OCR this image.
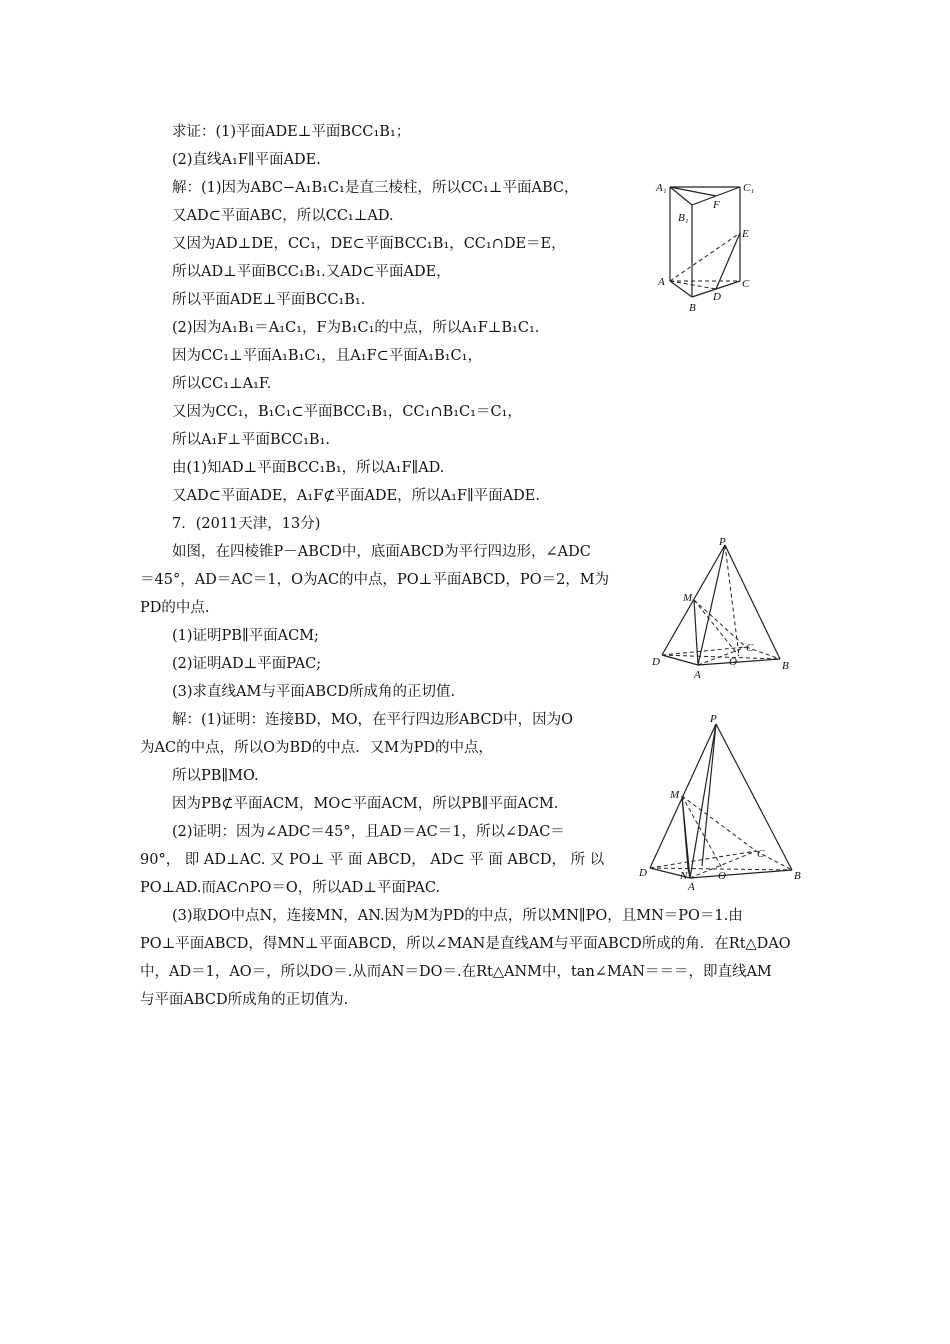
求证：(1)平面ADE⊥平面BCC₁B₁；
(2)直线A₁F∥平面ADE.
解：(1)因为ABC−A₁B₁C₁是直三棱柱，所以CC₁⊥平面ABC，
又AD⊂平面ABC，所以CC₁⊥AD.
又因为AD⊥DE，CC₁，DE⊂平面BCC₁B₁，CC₁∩DE＝E，
所以AD⊥平面BCC₁B₁.又AD⊂平面ADE，
所以平面ADE⊥平面BCC₁B₁.
(2)因为A₁B₁＝A₁C₁，F为B₁C₁的中点，所以A₁F⊥B₁C₁.
因为CC₁⊥平面A₁B₁C₁，且A₁F⊂平面A₁B₁C₁，
所以CC₁⊥A₁F.
又因为CC₁，B₁C₁⊂平面BCC₁B₁，CC₁∩B₁C₁＝C₁，
所以A₁F⊥平面BCC₁B₁.
由(1)知AD⊥平面BCC₁B₁，所以A₁F∥AD.
又AD⊂平面ADE，A₁F⊄平面ADE，所以A₁F∥平面ADE.
7．(2011天津，13分)
如图，在四棱锥P－ABCD中，底面ABCD为平行四边形，∠ADC
＝45°，AD＝AC＝1，O为AC的中点，PO⊥平面ABCD，PO＝2，M为
PD的中点.
(1)证明PB∥平面ACM;
(2)证明AD⊥平面PAC;
(3)求直线AM与平面ABCD所成角的正切值.
解：(1)证明：连接BD，MO，在平行四边形ABCD中，因为O
为AC的中点，所以O为BD的中点．又M为PD的中点，
所以PB∥MO.
因为PB⊄平面ACM，MO⊂平面ACM，所以PB∥平面ACM.
(2)证明：因为∠ADC＝45°，且AD＝AC＝1，所以∠DAC＝
90°， 即 AD⊥AC. 又 PO⊥ 平 面 ABCD， AD⊂ 平 面 ABCD， 所 以
PO⊥AD.而AC∩PO＝O，所以AD⊥平面PAC.
(3)取DO中点N，连接MN，AN.因为M为PD的中点，所以MN∥PO，且MN＝PO＝1.由
PO⊥平面ABCD，得MN⊥平面ABCD，所以∠MAN是直线AM与平面ABCD所成的角．在Rt△DAO
中，AD＝1，AO＝，所以DO＝.从而AN＝DO＝.在Rt△ANM中，tan∠MAN＝＝＝，即直线AM
与平面ABCD所成角的正切值为.
A₁	C₁
B₁
F
E
A	C
D
B
P
M
C
O
D
A
B
P
M
C
D	N	O
A
B
